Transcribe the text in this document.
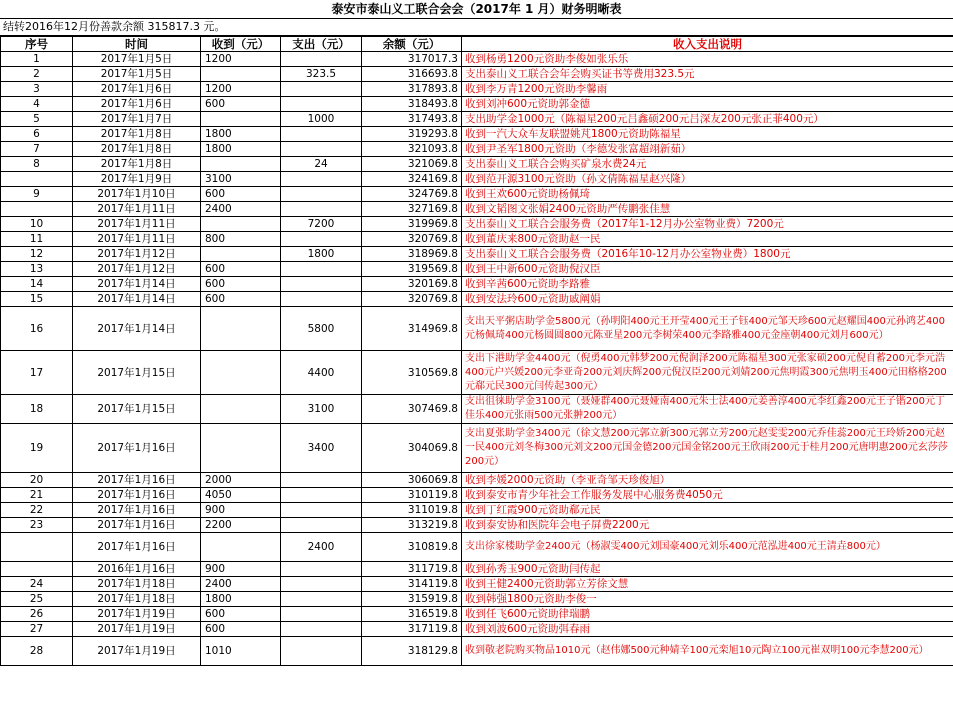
泰安市泰山义工联合会会（2017年 1 月）财务明晰表
结转2016年12月份善款余额 315817.3 元。
序号	时间	收到（元）	支出（元）	余额（元）	收入支出说明
1	2017年1月5日	1200		317017.3	收到杨勇1200元资助李俊如张乐乐
2	2017年1月5日		323.5	316693.8	支出泰山义工联合会年会购买证书等费用323.5元
3	2017年1月6日	1200		317893.8	收到李万青1200元资助李馨雨
4	2017年1月6日	600		318493.8	收到刘冲600元资助郭金德
5	2017年1月7日		1000	317493.8	支出助学金1000元（陈福星200元吕鑫硕200元吕深友200元张正菲400元）
6	2017年1月8日	1800		319293.8	收到一汽大众车友联盟姚芃1800元资助陈福星
7	2017年1月8日	1800		321093.8	收到尹圣军1800元资助（李德发张富超翊新茹）
8	2017年1月8日		24	321069.8	支出泰山义工联合会购买矿泉水费24元
	2017年1月9日	3100		324169.8	收到范开源3100元资助（孙文倩陈福星赵兴隆）
9	2017年1月10日	600		324769.8	收到王欢600元资助杨佩琦
	2017年1月11日	2400		327169.8	收到文韬图文张娟2400元资助严传鹏张佳慧
10	2017年1月11日		7200	319969.8	支出泰山义工联合会服务费（2017年1-12月办公室物业费）7200元
11	2017年1月11日	800		320769.8	收到董庆来800元资助赵一民
12	2017年1月12日		1800	318969.8	支出泰山义工联合会服务费（2016年10-12月办公室物业费）1800元
13	2017年1月12日	600		319569.8	收到王中新600元资助倪汉臣
14	2017年1月14日	600		320169.8	收到辛茜600元资助李路雅
15	2017年1月14日	600		320769.8	收到安法玲600元资助戚阐娟
16	2017年1月14日		5800	314969.8	支出天平粥店助学金5800元（孙明阳400元王开莹400元王子钰400元邹天珍600元赵耀国400元孙鸿艺400元杨佩琦400元杨圆圆800元陈亚星200元李树荣400元李路雅400元金座朝400元刘月600元）
17	2017年1月15日		4400	310569.8	支出下港助学金4400元（倪勇400元韩梦200元倪润泽200元陈福星300元张家硕200元倪自蓄200元李元浩400元户兴媛200元李亚奇200元刘庆辉200元倪汉臣200元刘婧200元焦明霞300元焦明玉400元田格格200元郗元民300元闫传起300元）
18	2017年1月15日		3100	307469.8	支出徂徕助学金3100元（聂娅群400元聂娅南400元朱士法400元姜善淳400元李红鑫200元王子锴200元丁佳乐400元张雨500元张翀200元）
19	2017年1月16日		3400	304069.8	支出夏张助学金3400元（徐文慧200元郭立新300元郭立芳200元赵雯雯200元乔佳蕊200元王玲娇200元赵一民400元刘冬梅300元刘文200元国金德200元国金铭200元王欣雨200元于桂月200元唐明惠200元玄莎莎200元）
20	2017年1月16日	2000		306069.8	收到李媛2000元资助（李亚奇邹天珍俊旭）
21	2017年1月16日	4050		310119.8	收到泰安市青少年社会工作服务发展中心服务费4050元
22	2017年1月16日	900		311019.8	收到丁红霞900元资助郗元民
23	2017年1月16日	2200		313219.8	收到泰安协和医院年会电子屏费2200元
	2017年1月16日		2400	310819.8	支出徐家楼助学金2400元（杨淑雯400元刘国豪400元刘乐400元范泓进400元王清垚800元）
	2016年1月16日	900		311719.8	收到孙秀玉900元资助闫传起
24	2017年1月18日	2400		314119.8	收到王健2400元资助郭立芳徐文慧
25	2017年1月18日	1800		315919.8	收到韩强1800元资助李俊一
26	2017年1月19日	600		316519.8	收到任飞600元资助律瑞鹏
27	2017年1月19日	600		317119.8	收到刘波600元资助弭春雨
28	2017年1月19日	1010		318129.8	收到敬老院购买物品1010元（赵伟娜500元种婧辛100元栾旭10元陶立100元崔双明100元李慧200元）
